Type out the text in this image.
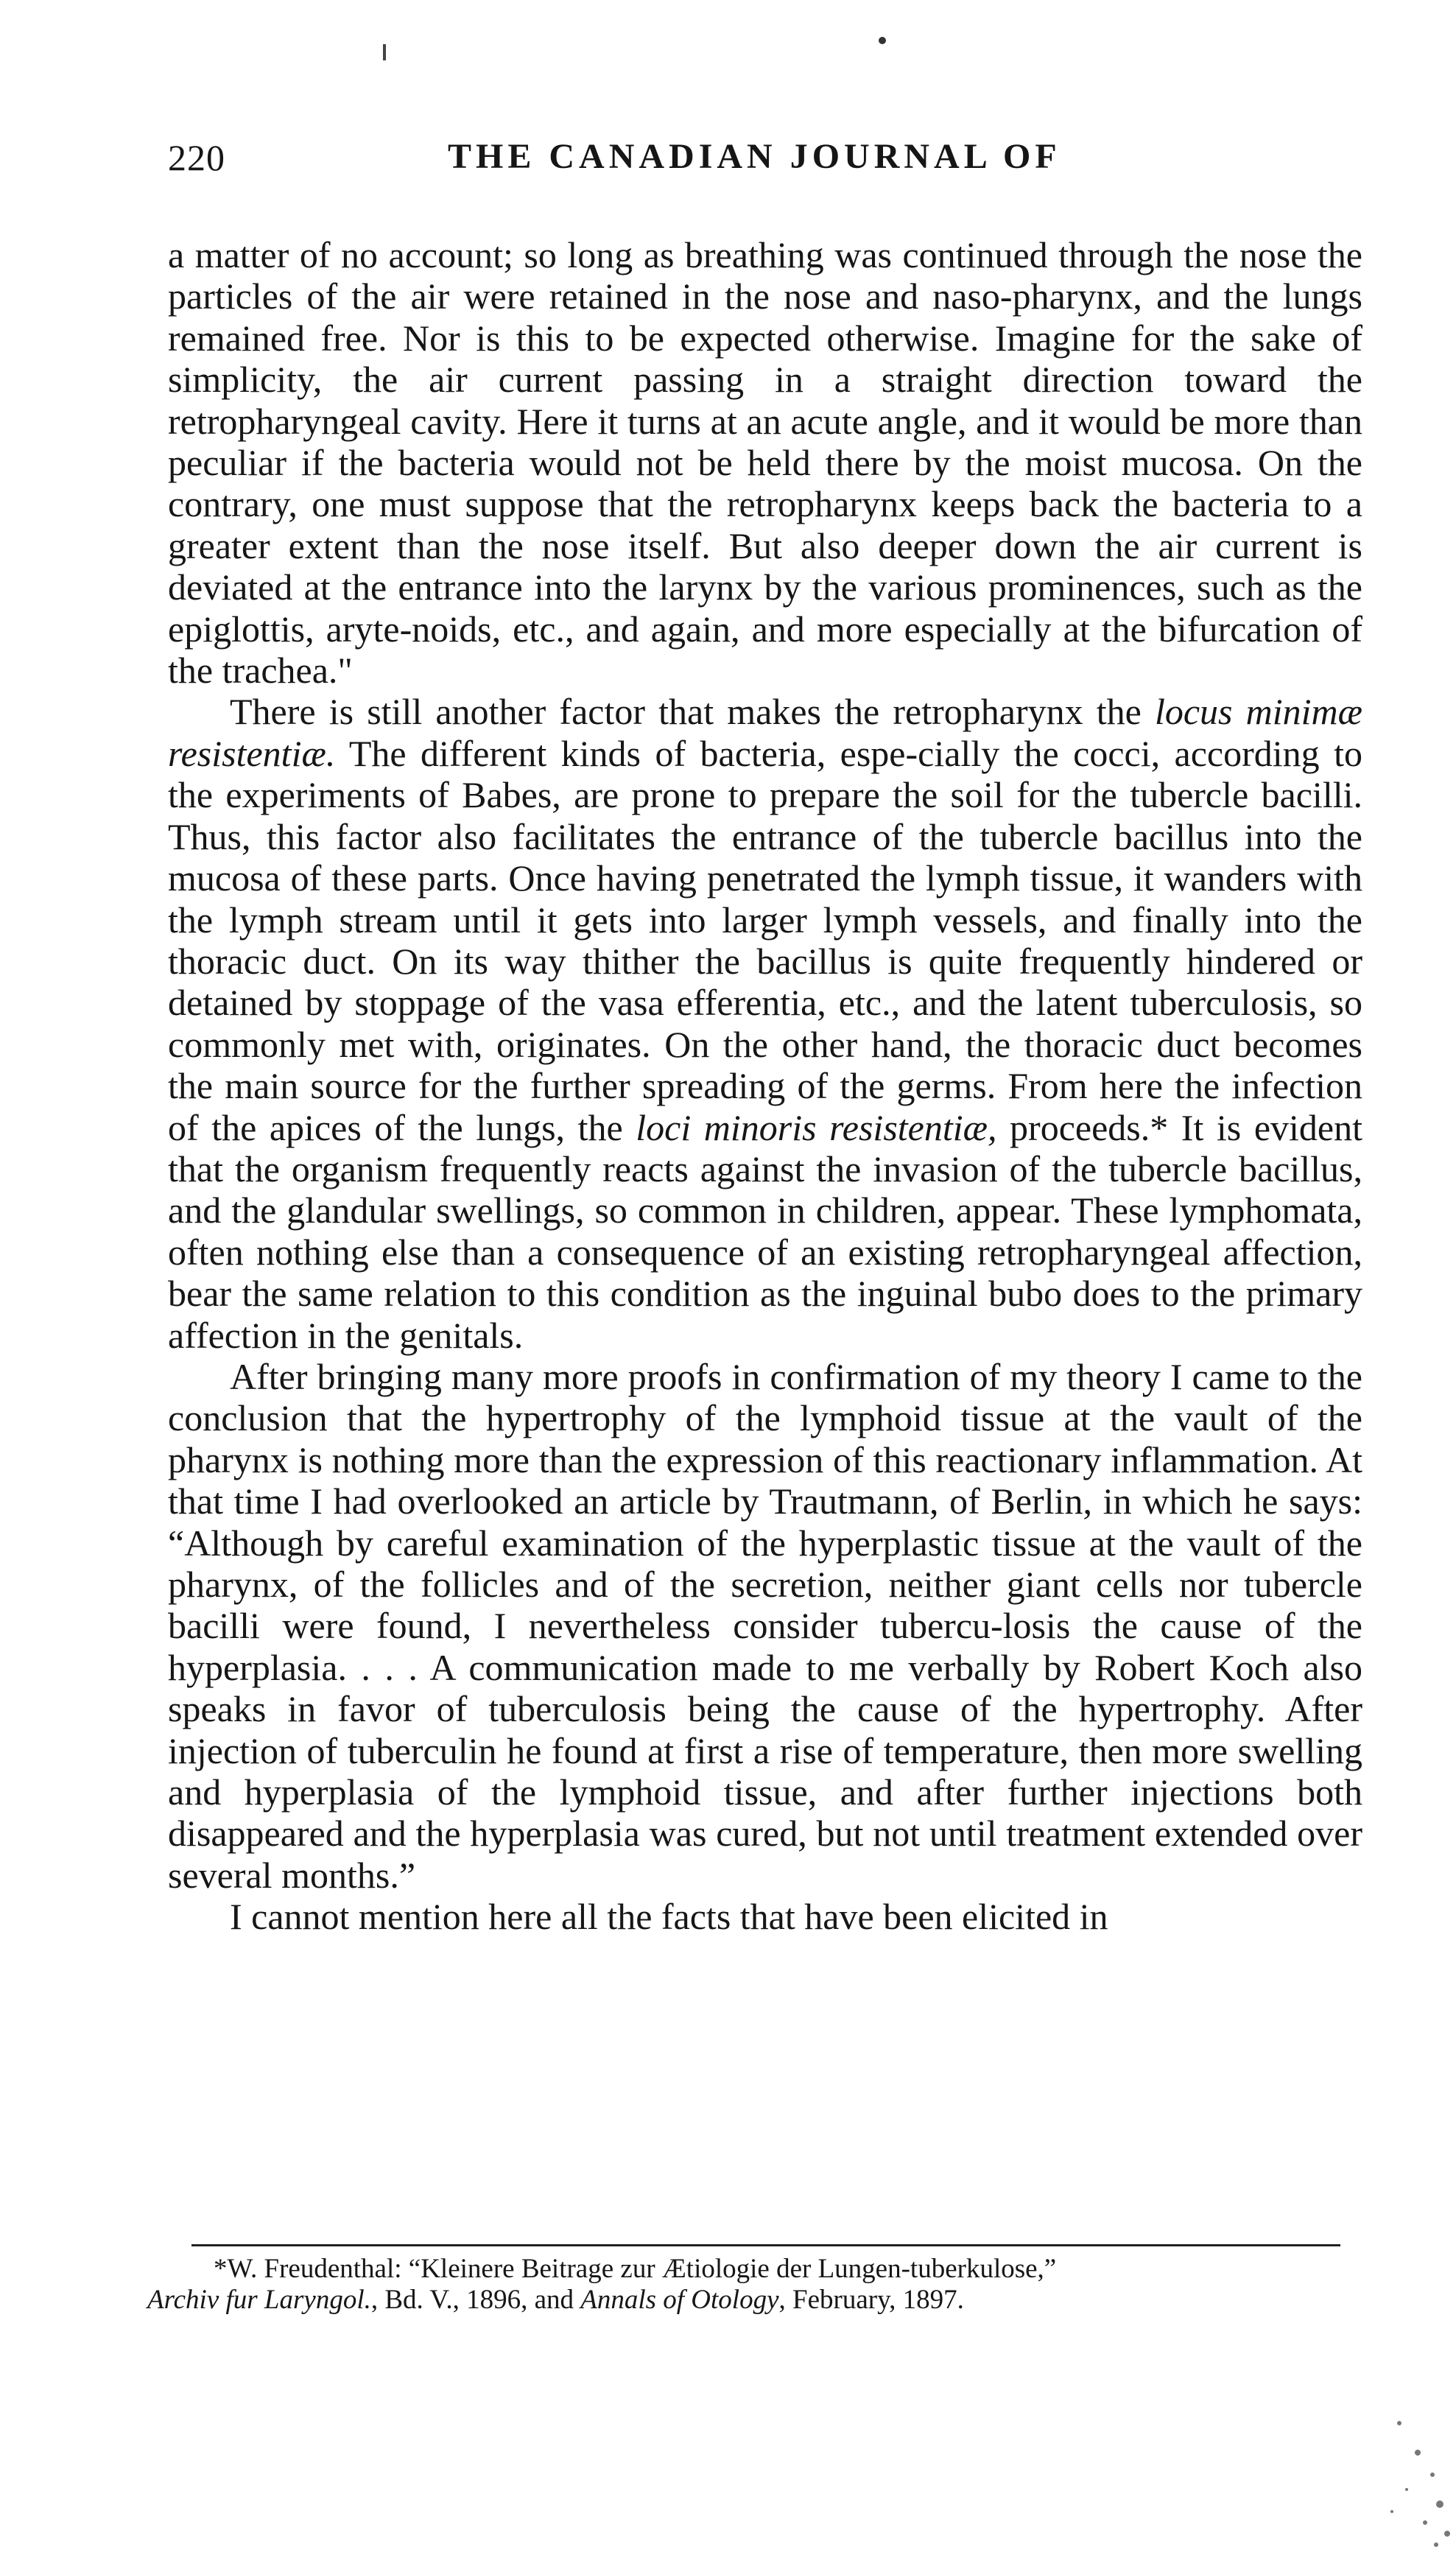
220	THE CANADIAN JOURNAL OF

a matter of no account; so long as breathing was continued through the nose the particles of the air were retained in the nose and naso-pharynx, and the lungs remained free. Nor is this to be expected otherwise. Imagine for the sake of simplicity, the air current passing in a straight direction toward the retropharyngeal cavity. Here it turns at an acute angle, and it would be more than peculiar if the bacteria would not be held there by the moist mucosa. On the contrary, one must suppose that the retropharynx keeps back the bacteria to a greater extent than the nose itself. But also deeper down the air current is deviated at the entrance into the larynx by the various prominences, such as the epiglottis, aryte-noids, etc., and again, and more especially at the bifurcation of the trachea."

There is still another factor that makes the retropharynx the locus minimæ resistentiæ. The different kinds of bacteria, espe-cially the cocci, according to the experiments of Babes, are prone to prepare the soil for the tubercle bacilli. Thus, this factor also facilitates the entrance of the tubercle bacillus into the mucosa of these parts. Once having penetrated the lymph tissue, it wanders with the lymph stream until it gets into larger lymph vessels, and finally into the thoracic duct. On its way thither the bacillus is quite frequently hindered or detained by stoppage of the vasa efferentia, etc., and the latent tuberculosis, so commonly met with, originates. On the other hand, the thoracic duct becomes the main source for the further spreading of the germs. From here the infection of the apices of the lungs, the loci minoris resistentiæ, proceeds.* It is evident that the organism frequently reacts against the invasion of the tubercle bacillus, and the glandular swellings, so common in children, appear. These lymphomata, often nothing else than a consequence of an existing retropharyngeal affection, bear the same relation to this condition as the inguinal bubo does to the primary affection in the genitals.

After bringing many more proofs in confirmation of my theory I came to the conclusion that the hypertrophy of the lymphoid tissue at the vault of the pharynx is nothing more than the expression of this reactionary inflammation. At that time I had overlooked an article by Trautmann, of Berlin, in which he says: “Although by careful examination of the hyperplastic tissue at the vault of the pharynx, of the follicles and of the secretion, neither giant cells nor tubercle bacilli were found, I nevertheless consider tubercu-losis the cause of the hyperplasia. . . . A communication made to me verbally by Robert Koch also speaks in favor of tuberculosis being the cause of the hypertrophy. After injection of tuberculin he found at first a rise of temperature, then more swelling and hyperplasia of the lymphoid tissue, and after further injections both disappeared and the hyperplasia was cured, but not until treatment extended over several months.”

I cannot mention here all the facts that have been elicited in

*W. Freudenthal: “Kleinere Beitrage zur Ætiologie der Lungen-tuberkulose,”
Archiv fur Laryngol., Bd. V., 1896, and Annals of Otology, February, 1897.
